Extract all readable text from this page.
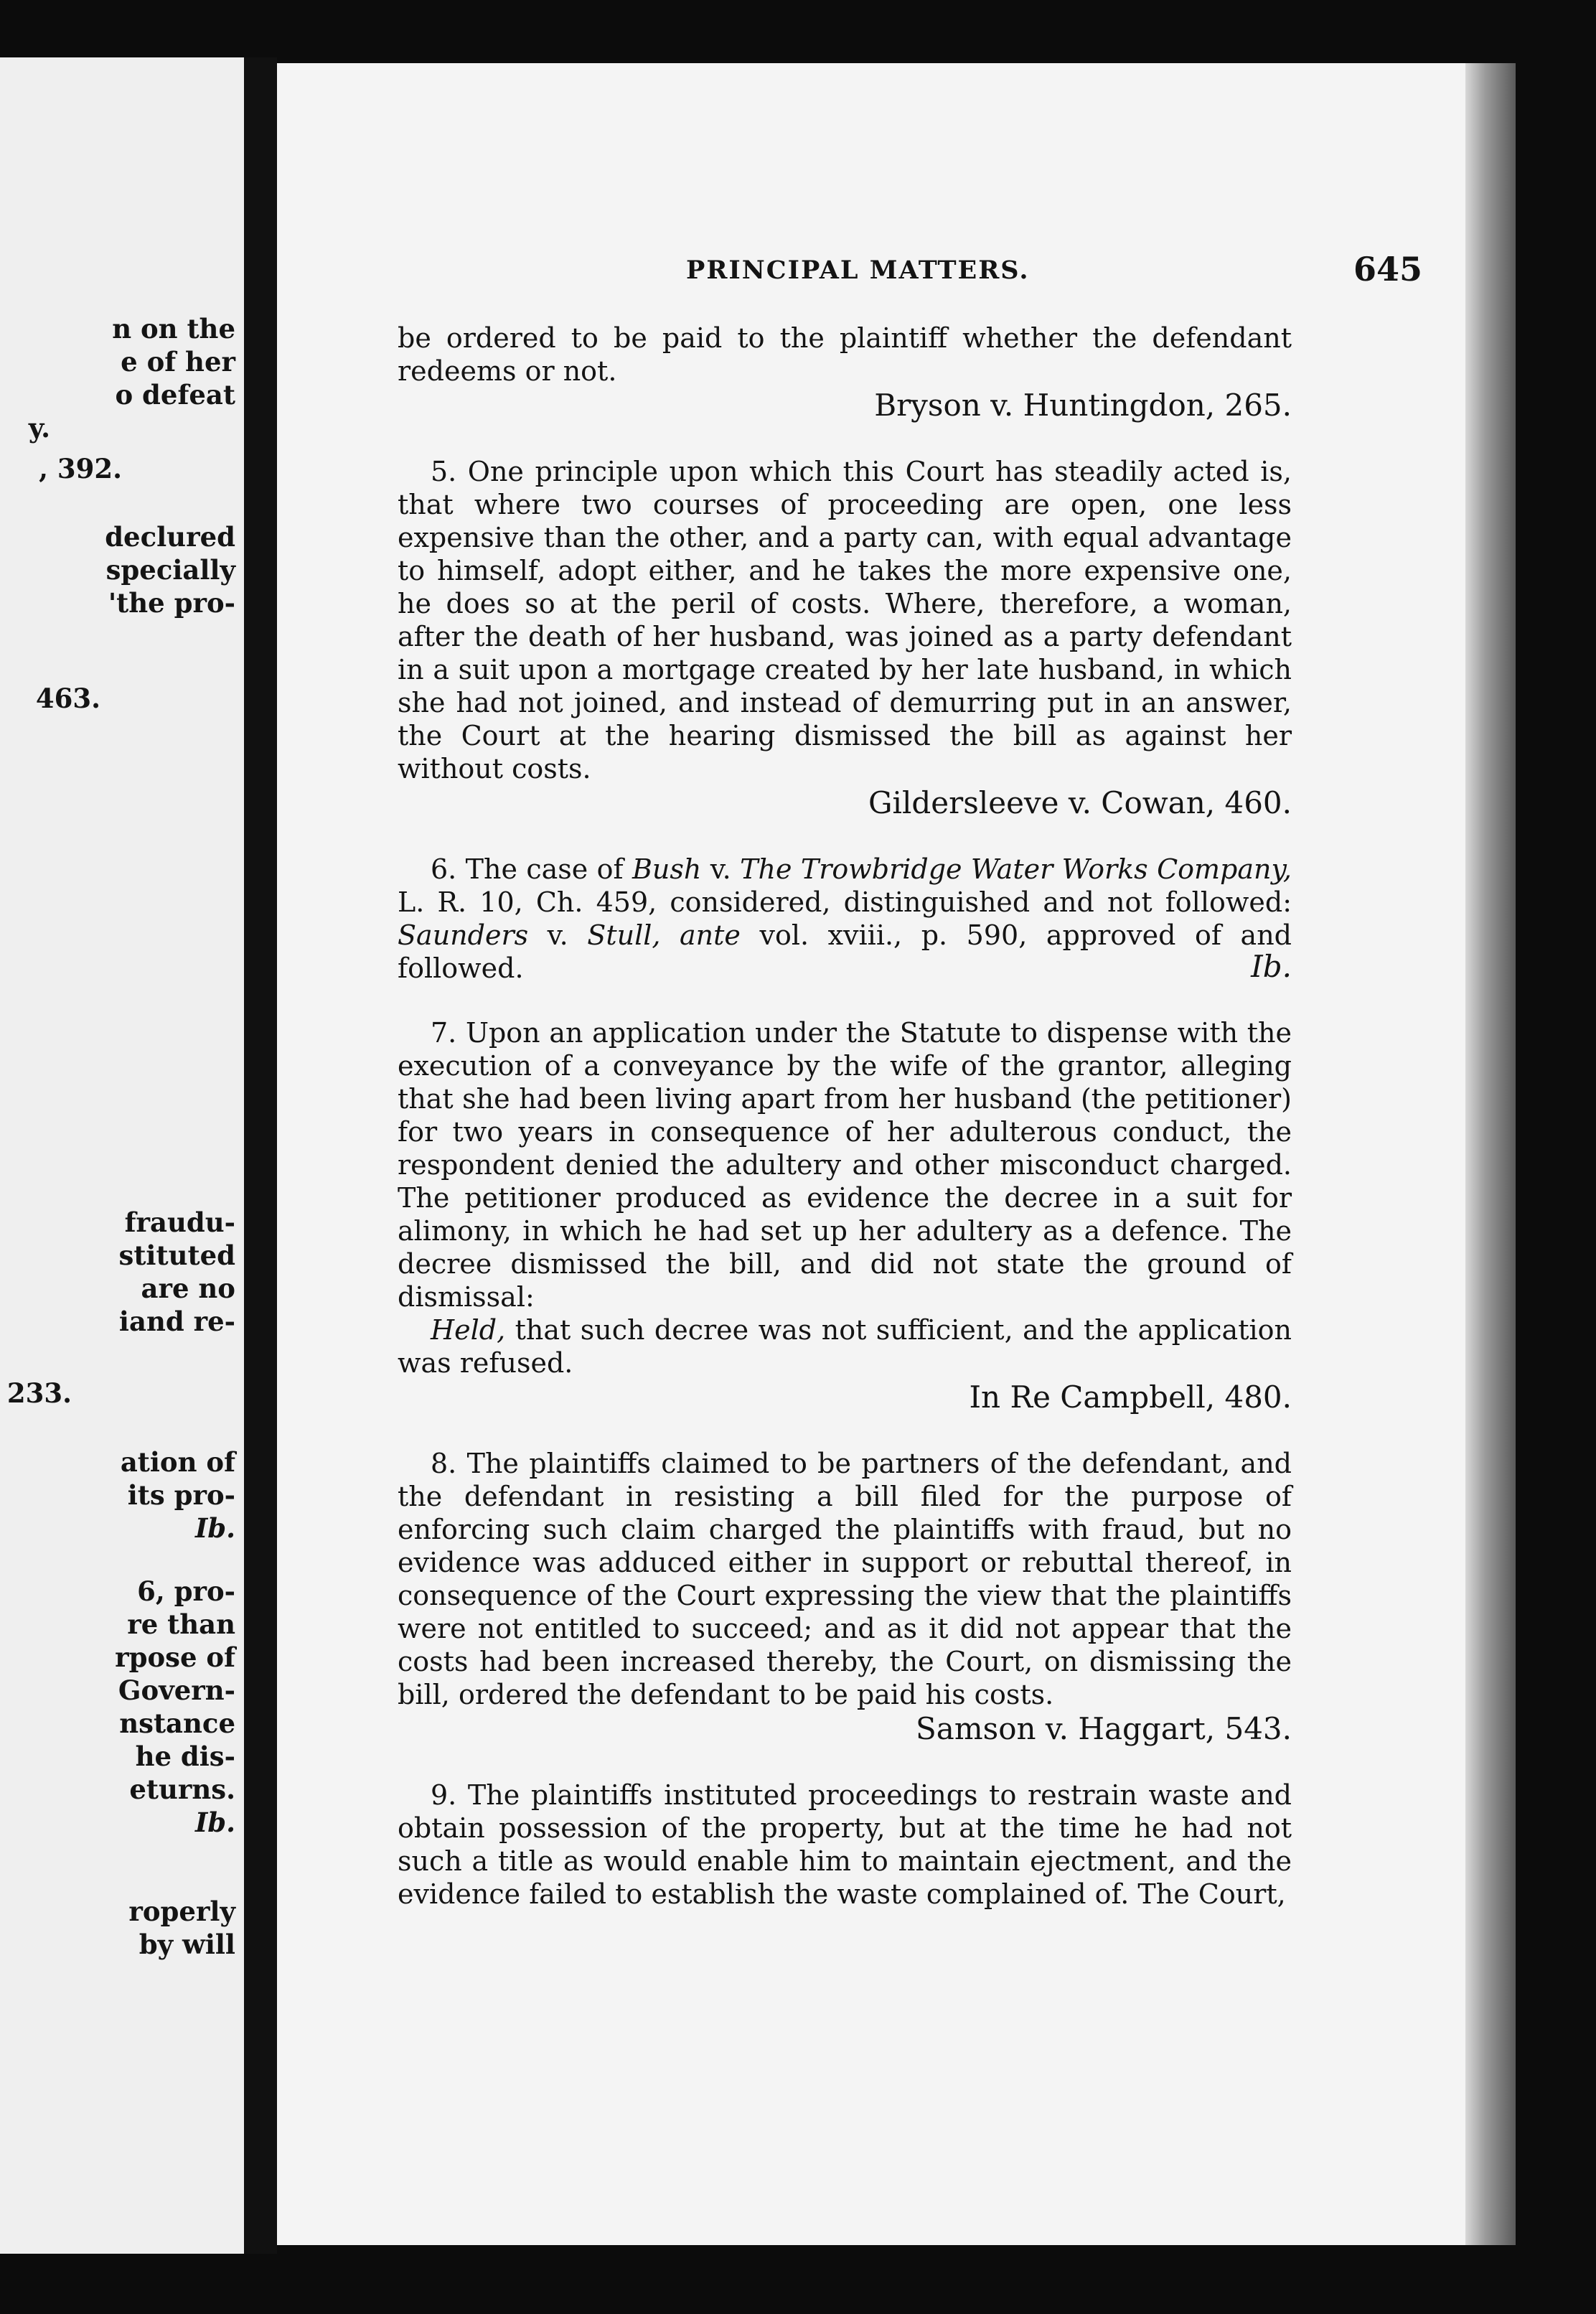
n on the
e of her
o defeat
y.
, 392.
declured
specially
'the pro-
463.
fraudu-
stituted
are no
iand re-
233.
ation of
its pro-
Ib.
6, pro-
re than
rpose of
Govern-
nstance
he dis-
eturns.
Ib.
roperly
by will
PRINCIPAL MATTERS.	645

be ordered to be paid to the plaintiff whether the defendant redeems or not.

Bryson v. Huntingdon, 265.

5. One principle upon which this Court has steadily acted is, that where two courses of proceeding are open, one less expensive than the other, and a party can, with equal advantage to himself, adopt either, and he takes the more expensive one, he does so at the peril of costs. Where, therefore, a woman, after the death of her husband, was joined as a party defendant in a suit upon a mortgage created by her late husband, in which she had not joined, and instead of demurring put in an answer, the Court at the hearing dismissed the bill as against her without costs.

Gildersleeve v. Cowan, 460.

6. The case of Bush v. The Trowbridge Water Works Company, L. R. 10, Ch. 459, considered, distinguished and not followed: Saunders v. Stull, ante vol. xviii., p. 590, approved of and followed.	Ib.

7. Upon an application under the Statute to dispense with the execution of a conveyance by the wife of the grantor, alleging that she had been living apart from her husband (the petitioner) for two years in consequence of her adulterous conduct, the respondent denied the adultery and other misconduct charged. The petitioner produced as evidence the decree in a suit for alimony, in which he had set up her adultery as a defence. The decree dismissed the bill, and did not state the ground of dismissal:

Held, that such decree was not sufficient, and the application was refused.

In Re Campbell, 480.

8. The plaintiffs claimed to be partners of the defendant, and the defendant in resisting a bill filed for the purpose of enforcing such claim charged the plaintiffs with fraud, but no evidence was adduced either in support or rebuttal thereof, in consequence of the Court expressing the view that the plaintiffs were not entitled to succeed; and as it did not appear that the costs had been increased thereby, the Court, on dismissing the bill, ordered the defendant to be paid his costs.

Samson v. Haggart, 543.

9. The plaintiffs instituted proceedings to restrain waste and obtain possession of the property, but at the time he had not such a title as would enable him to maintain ejectment, and the evidence failed to establish the waste complained of. The Court,
